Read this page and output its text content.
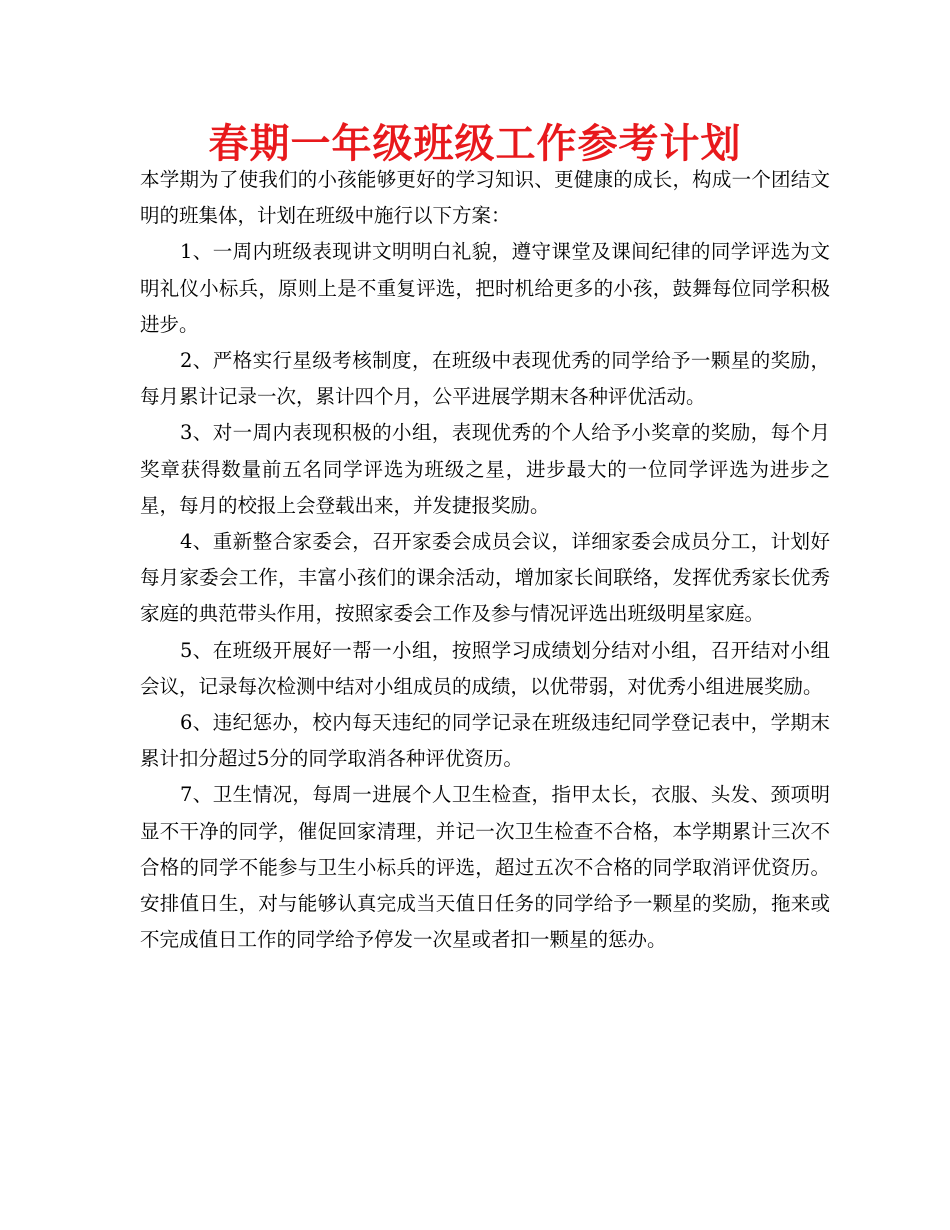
春期一年级班级工作参考计划

本学期为了使我们的小孩能够更好的学习知识、更健康的成长，构成一个团结文明的班集体，计划在班级中施行以下方案：

1、一周内班级表现讲文明明白礼貌，遵守课堂及课间纪律的同学评选为文明礼仪小标兵，原则上是不重复评选，把时机给更多的小孩，鼓舞每位同学积极进步。

2、严格实行星级考核制度，在班级中表现优秀的同学给予一颗星的奖励，每月累计记录一次，累计四个月，公平进展学期末各种评优活动。

3、对一周内表现积极的小组，表现优秀的个人给予小奖章的奖励，每个月奖章获得数量前五名同学评选为班级之星，进步最大的一位同学评选为进步之星，每月的校报上会登载出来，并发捷报奖励。

4、重新整合家委会，召开家委会成员会议，详细家委会成员分工，计划好每月家委会工作，丰富小孩们的课余活动，增加家长间联络，发挥优秀家长优秀家庭的典范带头作用，按照家委会工作及参与情况评选出班级明星家庭。

5、在班级开展好一帮一小组，按照学习成绩划分结对小组，召开结对小组会议，记录每次检测中结对小组成员的成绩，以优带弱，对优秀小组进展奖励。

6、违纪惩办，校内每天违纪的同学记录在班级违纪同学登记表中，学期末累计扣分超过5分的同学取消各种评优资历。

7、卫生情况，每周一进展个人卫生检查，指甲太长，衣服、头发、颈项明显不干净的同学，催促回家清理，并记一次卫生检查不合格，本学期累计三次不合格的同学不能参与卫生小标兵的评选，超过五次不合格的同学取消评优资历。安排值日生，对与能够认真完成当天值日任务的同学给予一颗星的奖励，拖来或不完成值日工作的同学给予停发一次星或者扣一颗星的惩办。
